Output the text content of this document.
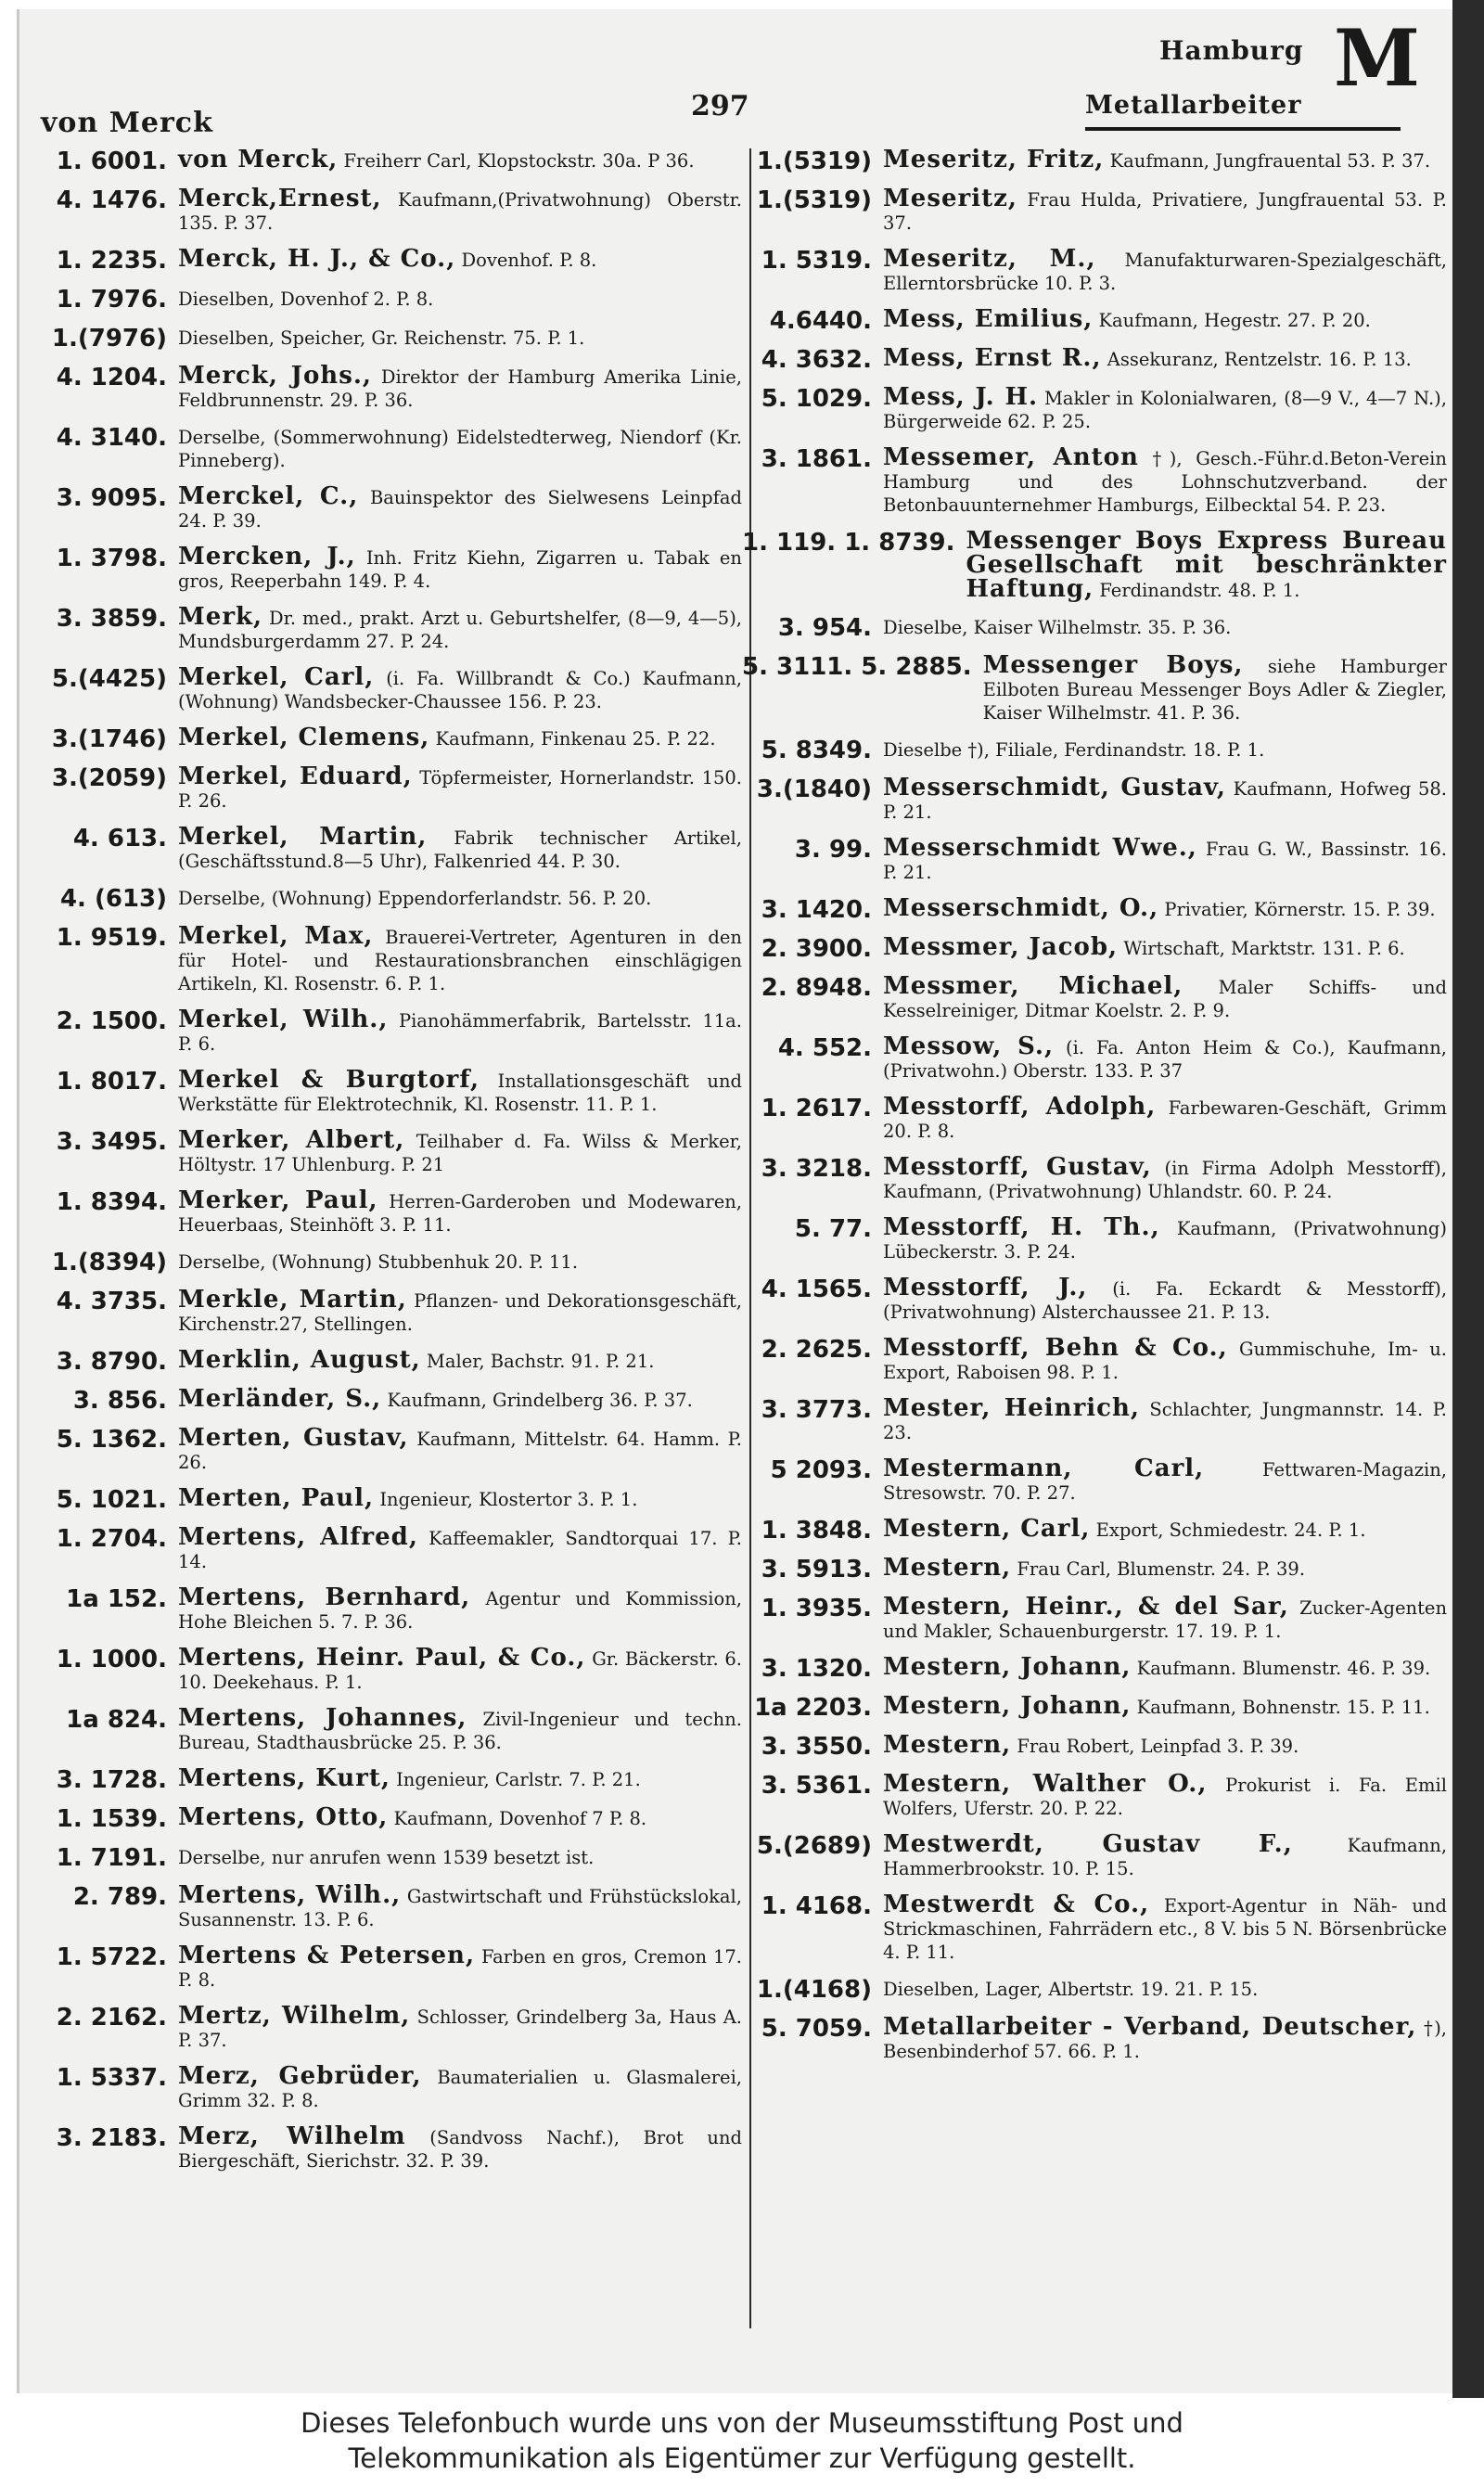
von Merck
297
Hamburg M
Metallarbeiter
1. 6001. von Merck, Freiherr Carl, Klopstockstr. 30a. P 36.
4. 1476. Merck,Ernest, Kaufmann,(Privatwohnung) Oberstr. 135. P. 37.
1. 2235. Merck, H. J., & Co., Dovenhof. P. 8.
1. 7976. Dieselben, Dovenhof 2. P. 8.
1.(7976) Dieselben, Speicher, Gr. Reichenstr. 75. P. 1.
4. 1204. Merck, Johs., Direktor der Hamburg Amerika Linie, Feldbrunnenstr. 29. P. 36.
4. 3140. Derselbe, (Sommerwohnung) Eidelstedterweg, Niendorf (Kr. Pinneberg).
3. 9095. Merckel, C., Bauinspektor des Sielwesens Leinpfad 24. P. 39.
1. 3798. Mercken, J., Inh. Fritz Kiehn, Zigarren u. Tabak en gros, Reeperbahn 149. P. 4.
3. 3859. Merk, Dr. med., prakt. Arzt u. Geburtshelfer, (8—9, 4—5), Mundsburgerdamm 27. P. 24.
5.(4425) Merkel, Carl, (i. Fa. Willbrandt & Co.) Kaufmann, (Wohnung) Wandsbecker-Chaussee 156. P. 23.
3.(1746) Merkel, Clemens, Kaufmann, Finkenau 25. P. 22.
3.(2059) Merkel, Eduard, Töpfermeister, Hornerlandstr. 150. P. 26.
4. 613. Merkel, Martin, Fabrik technischer Artikel,(Geschäftsstund.8—5 Uhr), Falkenried 44. P. 30.
4. (613) Derselbe, (Wohnung) Eppendorferlandstr. 56. P. 20.
1. 9519. Merkel, Max, Brauerei-Vertreter, Agenturen in den für Hotel- und Restaurationsbranchen einschlägigen Artikeln, Kl. Rosenstr. 6. P. 1.
2. 1500. Merkel, Wilh., Pianohämmerfabrik, Bartelsstr. 11a. P. 6.
1. 8017. Merkel & Burgtorf, Installationsgeschäft und Werkstätte für Elektrotechnik, Kl. Rosenstr. 11. P. 1.
3. 3495. Merker, Albert, Teilhaber d. Fa. Wilss & Merker, Höltystr. 17 Uhlenburg. P. 21
1. 8394. Merker, Paul, Herren-Garderoben und Modewaren, Heuerbaas, Steinhöft 3. P. 11.
1.(8394) Derselbe, (Wohnung) Stubbenhuk 20. P. 11.
4. 3735. Merkle, Martin, Pflanzen- und Dekorationsgeschäft, Kirchenstr.27, Stellingen.
3. 8790. Merklin, August, Maler, Bachstr. 91. P. 21.
3. 856. Merländer, S., Kaufmann, Grindelberg 36. P. 37.
5. 1362. Merten, Gustav, Kaufmann, Mittelstr. 64. Hamm. P. 26.
5. 1021. Merten, Paul, Ingenieur, Klostertor 3. P. 1.
1. 2704. Mertens, Alfred, Kaffeemakler, Sandtorquai 17. P. 14.
1a 152. Mertens, Bernhard, Agentur und Kommission, Hohe Bleichen 5. 7. P. 36.
1. 1000. Mertens, Heinr. Paul, & Co., Gr. Bäckerstr. 6. 10. Deekehaus. P. 1.
1a 824. Mertens, Johannes, Zivil-Ingenieur und techn. Bureau, Stadthausbrücke 25. P. 36.
3. 1728. Mertens, Kurt, Ingenieur, Carlstr. 7. P. 21.
1. 1539. Mertens, Otto, Kaufmann, Dovenhof 7 P. 8.
1. 7191. Derselbe, nur anrufen wenn 1539 besetzt ist.
2. 789. Mertens, Wilh., Gastwirtschaft und Frühstückslokal, Susannenstr. 13. P. 6.
1. 5722. Mertens & Petersen, Farben en gros, Cremon 17. P. 8.
2. 2162. Mertz, Wilhelm, Schlosser, Grindelberg 3a, Haus A. P. 37.
1. 5337. Merz, Gebrüder, Baumaterialien u. Glasmalerei, Grimm 32. P. 8.
3. 2183. Merz, Wilhelm (Sandvoss Nachf.), Brot und Biergeschäft, Sierichstr. 32. P. 39.
1.(5319) Meseritz, Fritz, Kaufmann, Jungfrauental 53. P. 37.
1.(5319) Meseritz, Frau Hulda, Privatiere, Jungfrauental 53. P. 37.
1. 5319. Meseritz, M., Manufakturwaren-Spezialgeschäft, Ellerntorsbrücke 10. P. 3.
4.6440. Mess, Emilius, Kaufmann, Hegestr. 27. P. 20.
4. 3632. Mess, Ernst R., Assekuranz, Rentzelstr. 16. P. 13.
5. 1029. Mess, J. H. Makler in Kolonialwaren, (8—9 V., 4—7 N.), Bürgerweide 62. P. 25.
3. 1861. Messemer, Anton †), Gesch.-Führ.d.Beton-Verein Hamburg und des Lohnschutzverband. der Betonbauunternehmer Hamburgs, Eilbecktal 54. P. 23.
1. 119. 1. 8739. Messenger Boys Express Bureau Gesellschaft mit beschränkter Haftung, Ferdinandstr. 48. P. 1.
3. 954. Dieselbe, Kaiser Wilhelmstr. 35. P. 36.
5. 3111. 5. 2885. Messenger Boys, siehe Hamburger Eilboten Bureau Messenger Boys Adler & Ziegler, Kaiser Wilhelmstr. 41. P. 36.
5. 8349. Dieselbe †), Filiale, Ferdinandstr. 18. P. 1.
3.(1840) Messerschmidt, Gustav, Kaufmann, Hofweg 58. P. 21.
3. 99. Messerschmidt Wwe., Frau G. W., Bassinstr. 16. P. 21.
3. 1420. Messerschmidt, O., Privatier, Körnerstr. 15. P. 39.
2. 3900. Messmer, Jacob, Wirtschaft, Marktstr. 131. P. 6.
2. 8948. Messmer, Michael, Maler Schiffs- und Kesselreiniger, Ditmar Koelstr. 2. P. 9.
4. 552. Messow, S., (i. Fa. Anton Heim & Co.), Kaufmann, (Privatwohn.) Oberstr. 133. P. 37
1. 2617. Messtorff, Adolph, Farbewaren-Geschäft, Grimm 20. P. 8.
3. 3218. Messtorff, Gustav, (in Firma Adolph Messtorff), Kaufmann, (Privatwohnung) Uhlandstr. 60. P. 24.
5. 77. Messtorff, H. Th., Kaufmann, (Privatwohnung) Lübeckerstr. 3. P. 24.
4. 1565. Messtorff, J., (i. Fa. Eckardt & Messtorff), (Privatwohnung) Alsterchaussee 21. P. 13.
2. 2625. Messtorff, Behn & Co., Gummischuhe, Im- u. Export, Raboisen 98. P. 1.
3. 3773. Mester, Heinrich, Schlachter, Jungmannstr. 14. P. 23.
5 2093. Mestermann, Carl,	Fettwaren-Magazin, Stresowstr. 70. P. 27.
1. 3848. Mestern, Carl, Export, Schmiedestr. 24. P. 1.
3. 5913. Mestern, Frau Carl, Blumenstr. 24. P. 39.
1. 3935. Mestern, Heinr., & del Sar, Zucker-Agenten und Makler, Schauenburgerstr. 17. 19. P. 1.
3. 1320. Mestern, Johann, Kaufmann. Blumenstr. 46. P. 39.
1a 2203. Mestern, Johann, Kaufmann, Bohnenstr. 15. P. 11.
3. 3550. Mestern, Frau Robert, Leinpfad 3. P. 39.
3. 5361. Mestern, Walther O., Prokurist i. Fa. Emil Wolfers, Uferstr. 20. P. 22.
5.(2689) Mestwerdt, Gustav F.,	Kaufmann, Hammerbrookstr. 10. P. 15.
1. 4168. Mestwerdt & Co., Export-Agentur in Näh- und Strickmaschinen, Fahrrädern etc., 8 V. bis 5 N. Börsenbrücke 4. P. 11.
1.(4168) Dieselben, Lager, Albertstr. 19. 21. P. 15.
5. 7059. Metallarbeiter - Verband, Deutscher, †), Besenbinderhof 57. 66. P. 1.
Dieses Telefonbuch wurde uns von der Museumsstiftung Post und
Telekommunikation als Eigentümer zur Verfügung gestellt.
